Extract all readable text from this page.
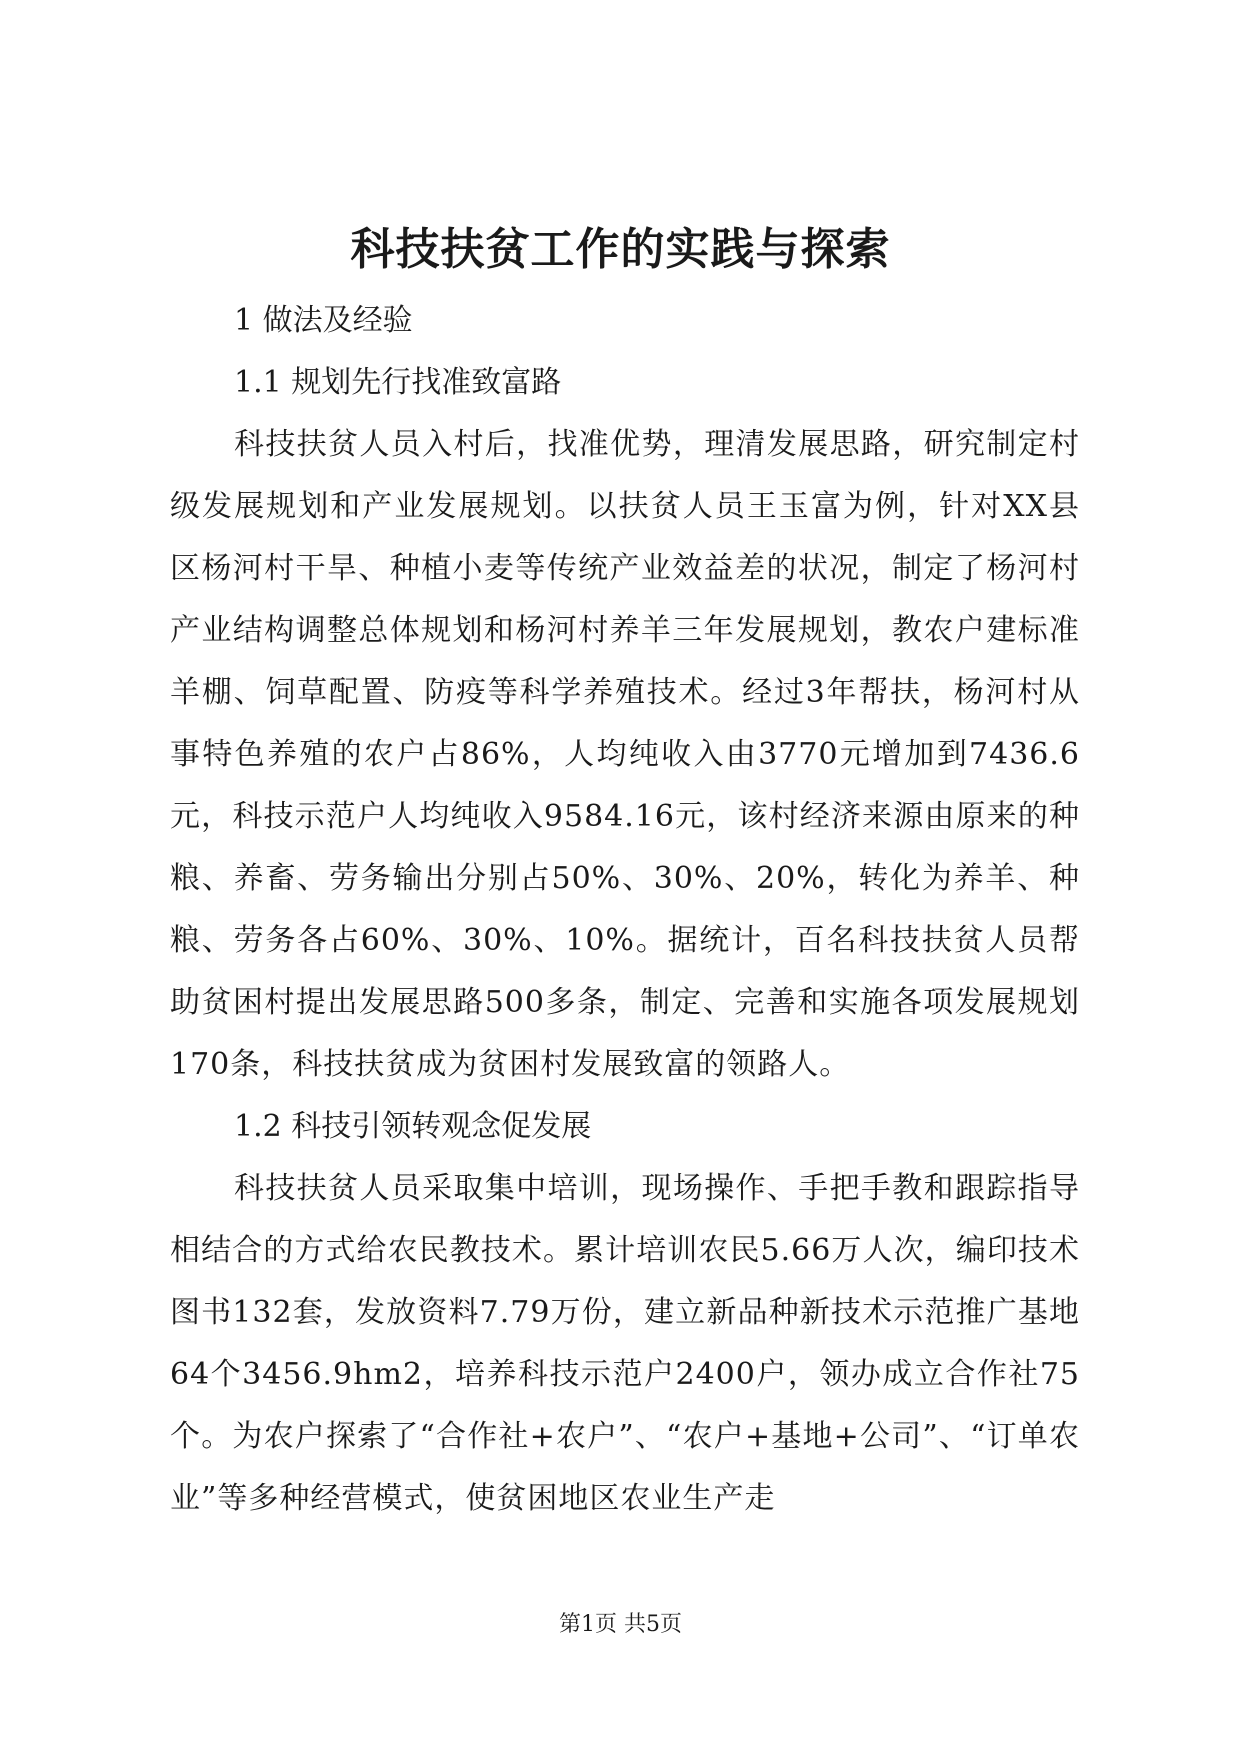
科技扶贫工作的实践与探索

1 做法及经验

1.1 规划先行找准致富路

科技扶贫人员入村后，找准优势，理清发展思路，研究制定村级发展规划和产业发展规划。以扶贫人员王玉富为例，针对XX县区杨河村干旱、种植小麦等传统产业效益差的状况，制定了杨河村产业结构调整总体规划和杨河村养羊三年发展规划，教农户建标准羊棚、饲草配置、防疫等科学养殖技术。经过3年帮扶，杨河村从事特色养殖的农户占86%，人均纯收入由3770元增加到7436.6元，科技示范户人均纯收入9584.16元，该村经济来源由原来的种粮、养畜、劳务输出分别占50%、30%、20%，转化为养羊、种粮、劳务各占60%、30%、10%。据统计，百名科技扶贫人员帮助贫困村提出发展思路500多条，制定、完善和实施各项发展规划170条，科技扶贫成为贫困村发展致富的领路人。

1.2 科技引领转观念促发展

科技扶贫人员采取集中培训，现场操作、手把手教和跟踪指导相结合的方式给农民教技术。累计培训农民5.66万人次，编印技术图书132套，发放资料7.79万份，建立新品种新技术示范推广基地64个3456.9hm2，培养科技示范户2400户，领办成立合作社75个。为农户探索了“合作社+农户”、“农户+基地+公司”、“订单农业”等多种经营模式，使贫困地区农业生产走

第1页 共5页
